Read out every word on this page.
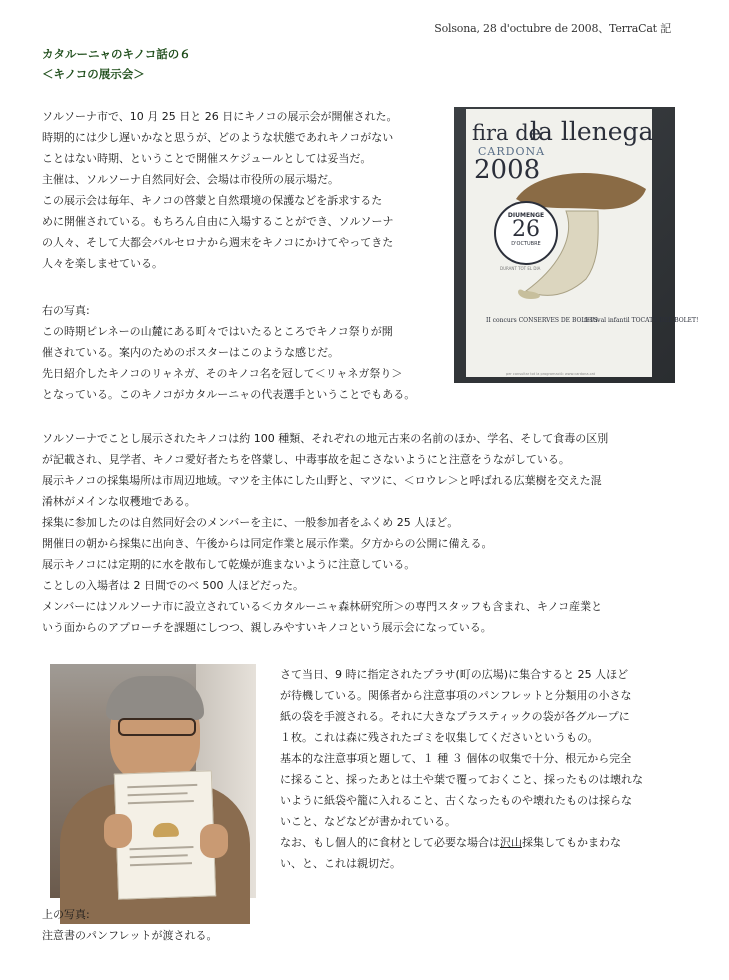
Solsona, 28 d'octubre de 2008、TerraCat 記
カタルーニャのキノコ話の６
＜キノコの展示会＞
ソルソーナ市で、10 月 25 日と 26 日にキノコの展示会が開催された。
時期的には少し遅いかなと思うが、どのような状態であれキノコがない
ことはない時期、ということで開催スケジュールとしては妥当だ。
主催は、ソルソーナ自然同好会、会場は市役所の展示場だ。
この展示会は毎年、キノコの啓蒙と自然環境の保護などを訴求するた
めに開催されている。もちろん自由に入場することができ、ソルソーナ
の人々、そして大都会バルセロナから週末をキノコにかけてやってきた
人々を楽しませている。
右の写真:
この時期ピレネーの山麓にある町々ではいたるところでキノコ祭りが開
催されている。案内のためのポスターはこのような感じだ。
先日紹介したキノコのリャネガ、そのキノコ名を冠して＜リャネガ祭り＞
となっている。このキノコがカタルーニャの代表選手ということでもある。
fira de
la llenega
CARDONA
2008
DIUMENGE
26
D'OCTUBRE
DURANT TOT EL DIA
II concurs CONSERVES DE BOLETS
festival infantil TOCATS DEL BOLET!
per consultar tot la programació: www.cardona.cat
ソルソーナでことし展示されたキノコは約 100 種類、それぞれの地元古来の名前のほか、学名、そして食毒の区別
が記載され、見学者、キノコ愛好者たちを啓蒙し、中毒事故を起こさないようにと注意をうながしている。
展示キノコの採集場所は市周辺地域。マツを主体にした山野と、マツに、＜ロウレ＞と呼ばれる広葉樹を交えた混
淆林がメインな収穫地である。
採集に参加したのは自然同好会のメンバーを主に、一般参加者をふくめ 25 人ほど。
開催日の朝から採集に出向き、午後からは同定作業と展示作業。夕方からの公開に備える。
展示キノコには定期的に水を散布して乾燥が進まないように注意している。
ことしの入場者は 2 日間でのべ 500 人ほどだった。
メンバーにはソルソーナ市に設立されている＜カタルーニャ森林研究所＞の専門スタッフも含まれ、キノコ産業と
いう面からのアプローチを課題にしつつ、親しみやすいキノコという展示会になっている。
さて当日、9 時に指定されたプラサ(町の広場)に集合すると 25 人ほど
が待機している。関係者から注意事項のパンフレットと分類用の小さな
紙の袋を手渡される。それに大きなプラスティックの袋が各グループに
１枚。これは森に残されたゴミを収集してくださいというもの。
基本的な注意事項と題して、１ 種 ３ 個体の収集で十分、根元から完全
に採ること、採ったあとは土や葉で覆っておくこと、採ったものは壊れな
いように紙袋や籠に入れること、古くなったものや壊れたものは採らな
いこと、などなどが書かれている。
なお、もし個人的に食材として必要な場合は沢山採集してもかまわな
い、と、これは親切だ。
上の写真:
注意書のパンフレットが渡される。
